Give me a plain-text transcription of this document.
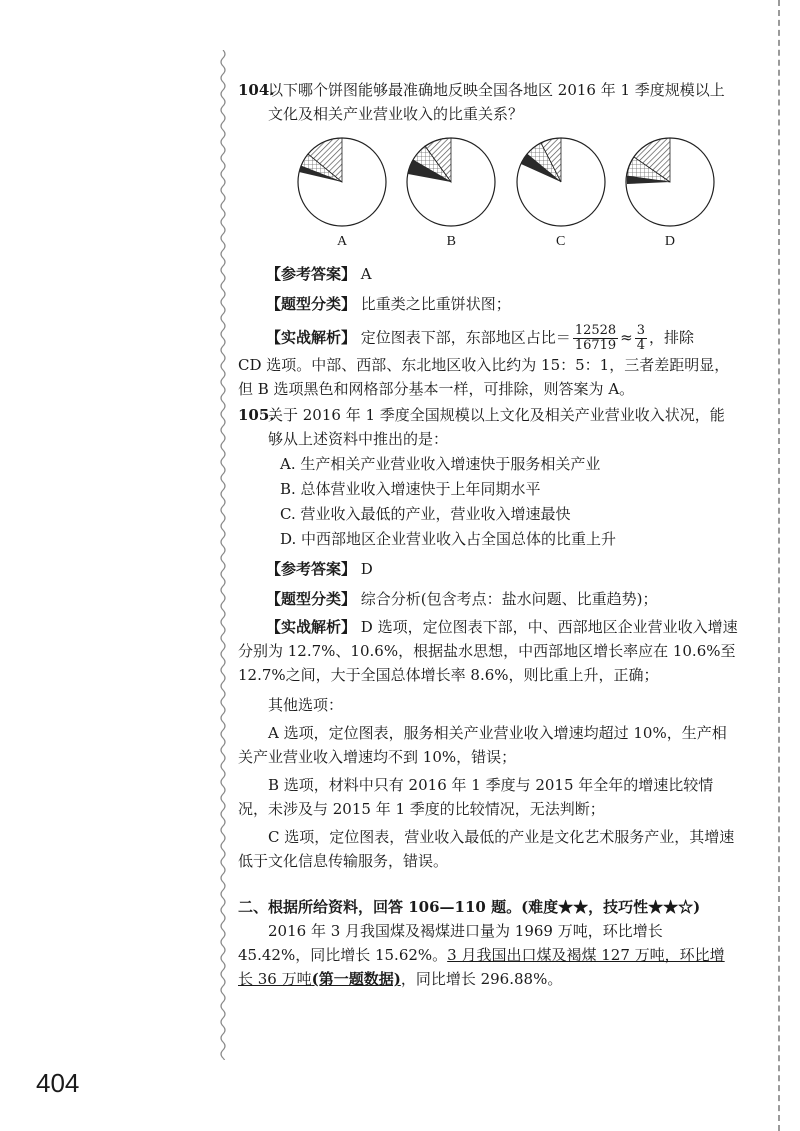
104.
以下哪个饼图能够最准确地反映全国各地区 2016 年 1 季度规模以上文化及相关产业营业收入的比重关系？
A	B	C	D
【参考答案】 A
【题型分类】 比重类之比重饼状图；
【实战解析】 定位图表下部，东部地区占比＝ $\frac{12528}{16719} \approx \frac{3}{4}$ ，排除
CD 选项。中部、西部、东北地区收入比约为 15：5：1，三者差距明显，但 B 选项黑色和网格部分基本一样，可排除，则答案为 A。
105.
关于 2016 年 1 季度全国规模以上文化及相关产业营业收入状况，能够从上述资料中推出的是：
A. 生产相关产业营业收入增速快于服务相关产业
B. 总体营业收入增速快于上年同期水平
C. 营业收入最低的产业，营业收入增速最快
D. 中西部地区企业营业收入占全国总体的比重上升
【参考答案】 D
【题型分类】 综合分析(包含考点：盐水问题、比重趋势)；
【实战解析】 D 选项，定位图表下部，中、西部地区企业营业收入增速分别为 12.7%、10.6%，根据盐水思想，中西部地区增长率应在 10.6%至 12.7%之间，大于全国总体增长率 8.6%，则比重上升，正确；
其他选项：
A 选项，定位图表，服务相关产业营业收入增速均超过 10%，生产相关产业营业收入增速均不到 10%，错误；
B 选项，材料中只有 2016 年 1 季度与 2015 年全年的增速比较情况，未涉及与 2015 年 1 季度的比较情况，无法判断；
C 选项，定位图表，营业收入最低的产业是文化艺术服务产业，其增速低于文化信息传输服务，错误。
二、根据所给资料，回答 106—110 题。(难度★★，技巧性★★☆)
2016 年 3 月我国煤及褐煤进口量为 1969 万吨，环比增长 45.42%，同比增长 15.62%。3 月我国出口煤及褐煤 127 万吨，环比增长 36 万吨(第一题数据)，同比增长 296.88%。
404
